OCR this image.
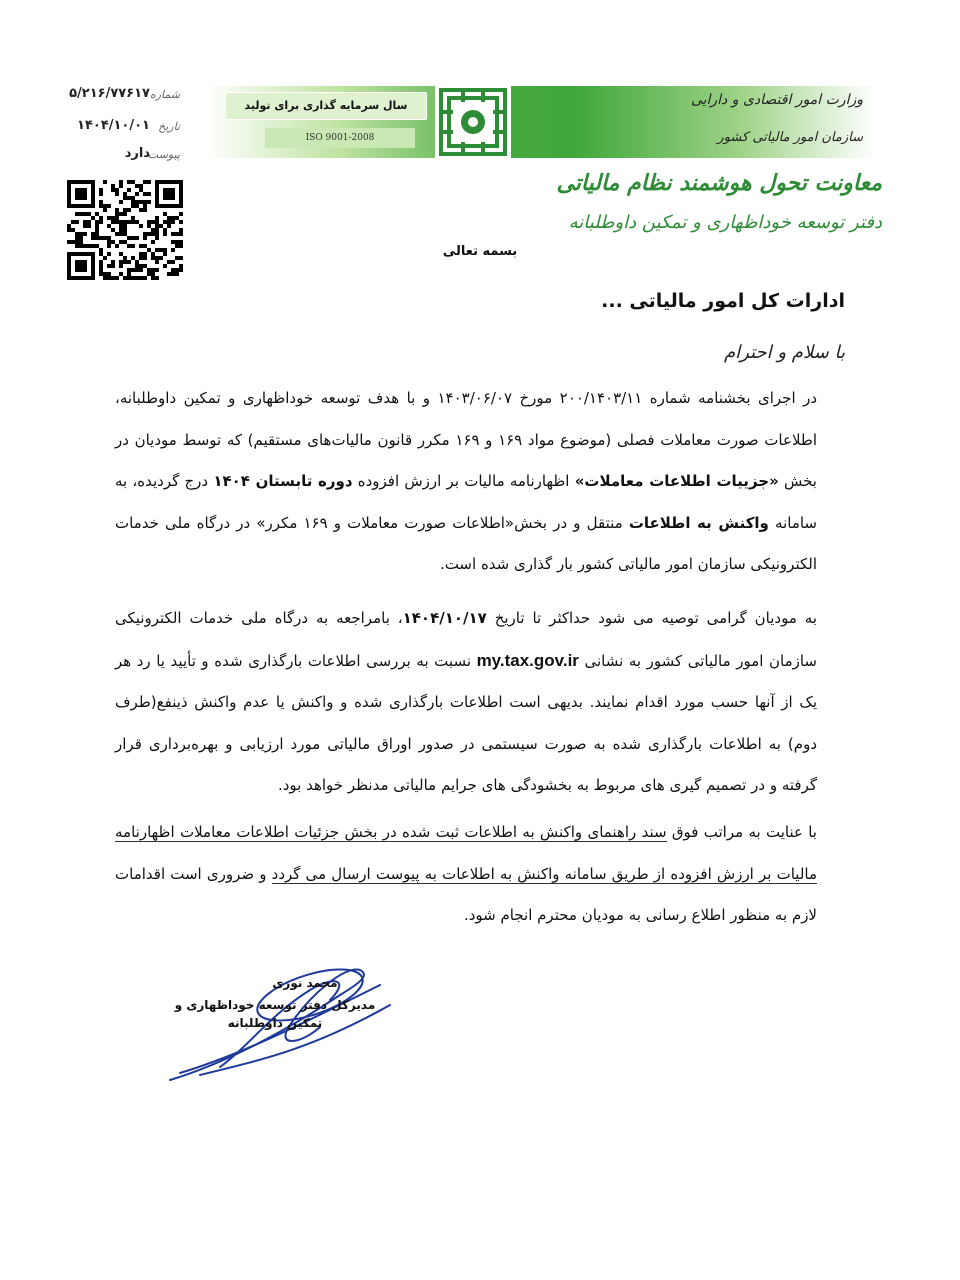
شماره
۵/۲۱۶/۷۷۶۱۷
تاریخ
۱۴۰۴/۱۰/۰۱
پیوست
دارد
سال سرمایه گذاری برای تولید
ISO 9001-2008
وزارت امور اقتصادی و دارایی
سازمان امور مالیاتی کشور
معاونت تحول هوشمند نظام مالیاتی
دفتر توسعه خوداظهاری و تمکین داوطلبانه
بسمه تعالی
ادارات کل امور مالیاتی ...
با سلام و احترام

در اجرای بخشنامه شماره ۲۰۰/۱۴۰۳/۱۱ مورخ ۱۴۰۳/۰۶/۰۷ و با هدف توسعه خوداظهاری و تمکین داوطلبانه، اطلاعات صورت معاملات فصلی (موضوع مواد ۱۶۹ و ۱۶۹ مکرر قانون مالیات‌های مستقیم) که توسط مودیان در بخش «جزییات اطلاعات معاملات» اظهارنامه مالیات بر ارزش افزوده دوره تابستان ۱۴۰۴ درج گردیده، به سامانه واکنش به اطلاعات منتقل و در بخش«اطلاعات صورت معاملات و ۱۶۹ مکرر» در درگاه ملی خدمات الکترونیکی سازمان امور مالیاتی کشور بار گذاری شده است.

به مودیان گرامی توصیه می شود حداکثر تا تاریخ ۱۴۰۴/۱۰/۱۷، بامراجعه به درگاه ملی خدمات الکترونیکی سازمان امور مالیاتی کشور به نشانی my.tax.gov.ir نسبت به بررسی اطلاعات بارگذاری شده و تأیید یا رد هر یک از آنها حسب مورد اقدام نمایند. بدیهی است اطلاعات بارگذاری شده و واکنش یا عدم واکنش ذینفع(طرف دوم) به اطلاعات بارگذاری شده به صورت سیستمی در صدور اوراق مالیاتی مورد ارزیابی و بهره‌برداری قرار گرفته و در تصمیم گیری های مربوط به بخشودگی های جرایم مالیاتی مدنظر خواهد بود.

با عنایت به مراتب فوق سند راهنمای واکنش به اطلاعات ثبت شده در بخش جزئیات اطلاعات معاملات اظهارنامه مالیات بر ارزش افزوده از طریق سامانه واکنش به اطلاعات به پیوست ارسال می گردد و ضروری است اقدامات لازم به منظور اطلاع رسانی به مودیان محترم انجام شود.

محمد نوری
مدیرکل دفتر توسعه خوداظهاری و تمکین داوطلبانه
